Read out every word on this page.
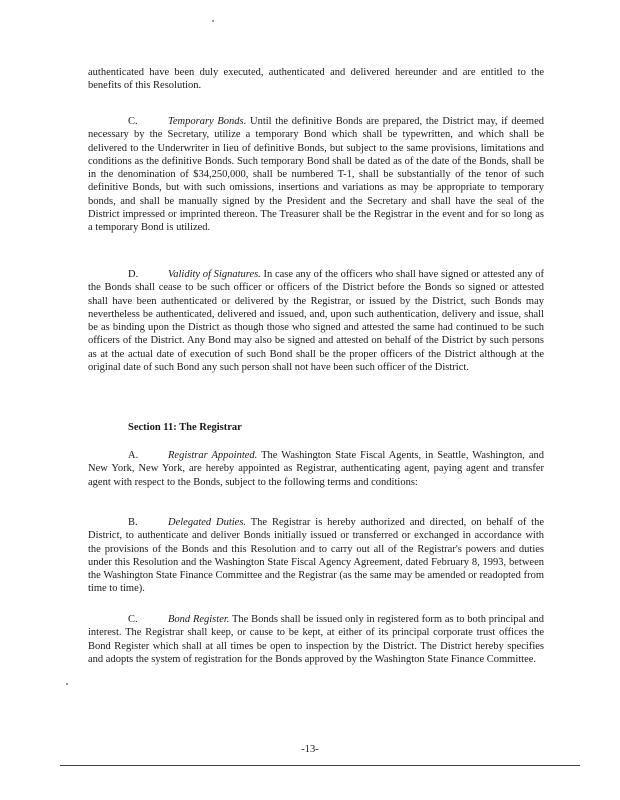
authenticated have been duly executed, authenticated and delivered hereunder and are entitled to the benefits of this Resolution.

C.	Temporary Bonds. Until the definitive Bonds are prepared, the District may, if deemed necessary by the Secretary, utilize a temporary Bond which shall be typewritten, and which shall be delivered to the Underwriter in lieu of definitive Bonds, but subject to the same provisions, limitations and conditions as the definitive Bonds. Such temporary Bond shall be dated as of the date of the Bonds, shall be in the denomination of $34,250,000, shall be numbered T-1, shall be substantially of the tenor of such definitive Bonds, but with such omissions, insertions and variations as may be appropriate to temporary bonds, and shall be manually signed by the President and the Secretary and shall have the seal of the District impressed or imprinted thereon. The Treasurer shall be the Registrar in the event and for so long as a temporary Bond is utilized.

D.	Validity of Signatures. In case any of the officers who shall have signed or attested any of the Bonds shall cease to be such officer or officers of the District before the Bonds so signed or attested shall have been authenticated or delivered by the Registrar, or issued by the District, such Bonds may nevertheless be authenticated, delivered and issued, and, upon such authentication, delivery and issue, shall be as binding upon the District as though those who signed and attested the same had continued to be such officers of the District. Any Bond may also be signed and attested on behalf of the District by such persons as at the actual date of execution of such Bond shall be the proper officers of the District although at the original date of such Bond any such person shall not have been such officer of the District.

Section 11: The Registrar

A.	Registrar Appointed. The Washington State Fiscal Agents, in Seattle, Washington, and New York, New York, are hereby appointed as Registrar, authenticating agent, paying agent and transfer agent with respect to the Bonds, subject to the following terms and conditions:

B.	Delegated Duties. The Registrar is hereby authorized and directed, on behalf of the District, to authenticate and deliver Bonds initially issued or transferred or exchanged in accordance with the provisions of the Bonds and this Resolution and to carry out all of the Registrar's powers and duties under this Resolution and the Washington State Fiscal Agency Agreement, dated February 8, 1993, between the Washington State Finance Committee and the Registrar (as the same may be amended or readopted from time to time).

C.	Bond Register. The Bonds shall be issued only in registered form as to both principal and interest. The Registrar shall keep, or cause to be kept, at either of its principal corporate trust offices the Bond Register which shall at all times be open to inspection by the District. The District hereby specifies and adopts the system of registration for the Bonds approved by the Washington State Finance Committee.

-13-
